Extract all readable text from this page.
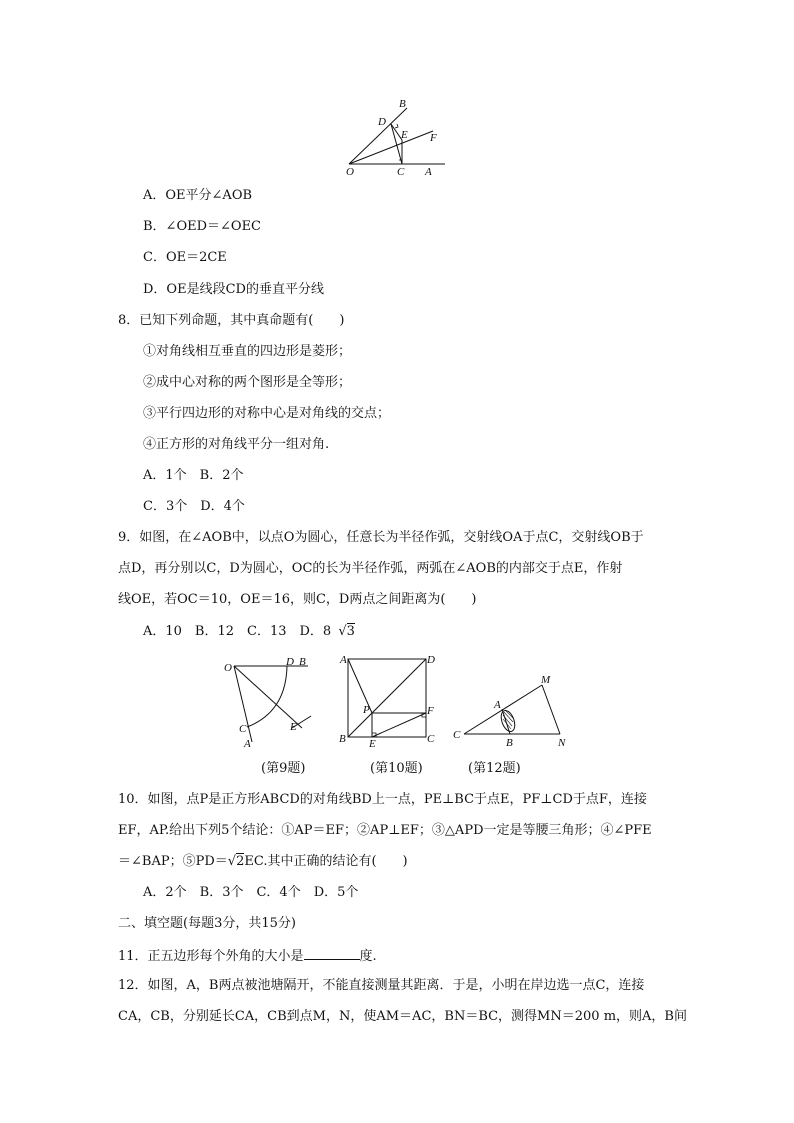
B
D
E F
O	C A
A．OE平分∠AOB
B．∠OED＝∠OEC
C．OE＝2CE
D．OE是线段CD的垂直平分线
8．已知下列命题，其中真命题有(　　)
①对角线相互垂直的四边形是菱形；
②成中心对称的两个图形是全等形；
③平行四边形的对称中心是对角线的交点；
④正方形的对角线平分一组对角.
A．1个　B．2个
C．3个　D．4个
9．如图，在∠AOB中，以点O为圆心，任意长为半径作弧，交射线OA于点C，交射线OB于
点D，再分别以C，D为圆心，OC的长为半径作弧，两弧在∠AOB的内部交于点E，作射
线OE，若OC＝10，OE＝16，则C，D两点之间距离为(　　)
A．10　B．12　C．13　D．8 √3
O	D B
E
C
A
A	D
P	F
B E	C
M
A
C
B	N
(第9题)	(第10题)	(第12题)
10．如图，点P是正方形ABCD的对角线BD上一点，PE⊥BC于点E，PF⊥CD于点F，连接
EF，AP.给出下列5个结论：①AP＝EF；②AP⊥EF；③△APD一定是等腰三角形；④∠PFE
＝∠BAP；⑤PD＝√2EC.其中正确的结论有(　　)
A．2个　B．3个　C．4个　D．5个
二、填空题(每题3分，共15分)
11．正五边形每个外角的大小是	度.
12．如图，A，B两点被池塘隔开，不能直接测量其距离．于是，小明在岸边选一点C，连接
CA，CB，分别延长CA，CB到点M，N，使AM＝AC，BN＝BC，测得MN＝200 m，则A，B间
